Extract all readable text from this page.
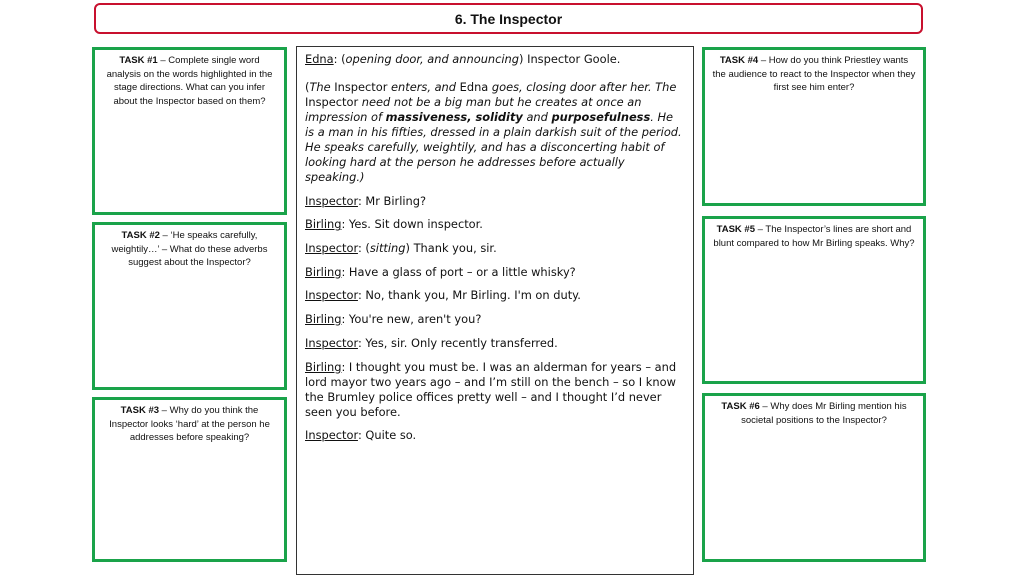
6. The Inspector
TASK #1 – Complete single word analysis on the words highlighted in the stage directions. What can you infer about the Inspector based on them?
TASK #2 – ‘He speaks carefully, weightily…’ – What do these adverbs suggest about the Inspector?
TASK #3 – Why do you think the Inspector looks ‘hard’ at the person he addresses before speaking?
TASK #4 – How do you think Priestley wants the audience to react to the Inspector when they first see him enter?
TASK #5 – The Inspector’s lines are short and blunt compared to how Mr Birling speaks. Why?
TASK #6 – Why does Mr Birling mention his societal positions to the Inspector?

Edna: (opening door, and announcing) Inspector Goole.

(The Inspector enters, and Edna goes, closing door after her. The Inspector need not be a big man but he creates at once an impression of massiveness, solidity and purposefulness. He is a man in his fifties, dressed in a plain darkish suit of the period. He speaks carefully, weightily, and has a disconcerting habit of looking hard at the person he addresses before actually speaking.)

Inspector: Mr Birling?

Birling: Yes. Sit down inspector.

Inspector: (sitting) Thank you, sir.

Birling: Have a glass of port – or a little whisky?

Inspector: No, thank you, Mr Birling. I'm on duty.

Birling: You're new, aren't you?

Inspector: Yes, sir. Only recently transferred.

Birling: I thought you must be. I was an alderman for years – and lord mayor two years ago – and I’m still on the bench – so I know the Brumley police offices pretty well – and I thought I’d never seen you before.

Inspector: Quite so.
